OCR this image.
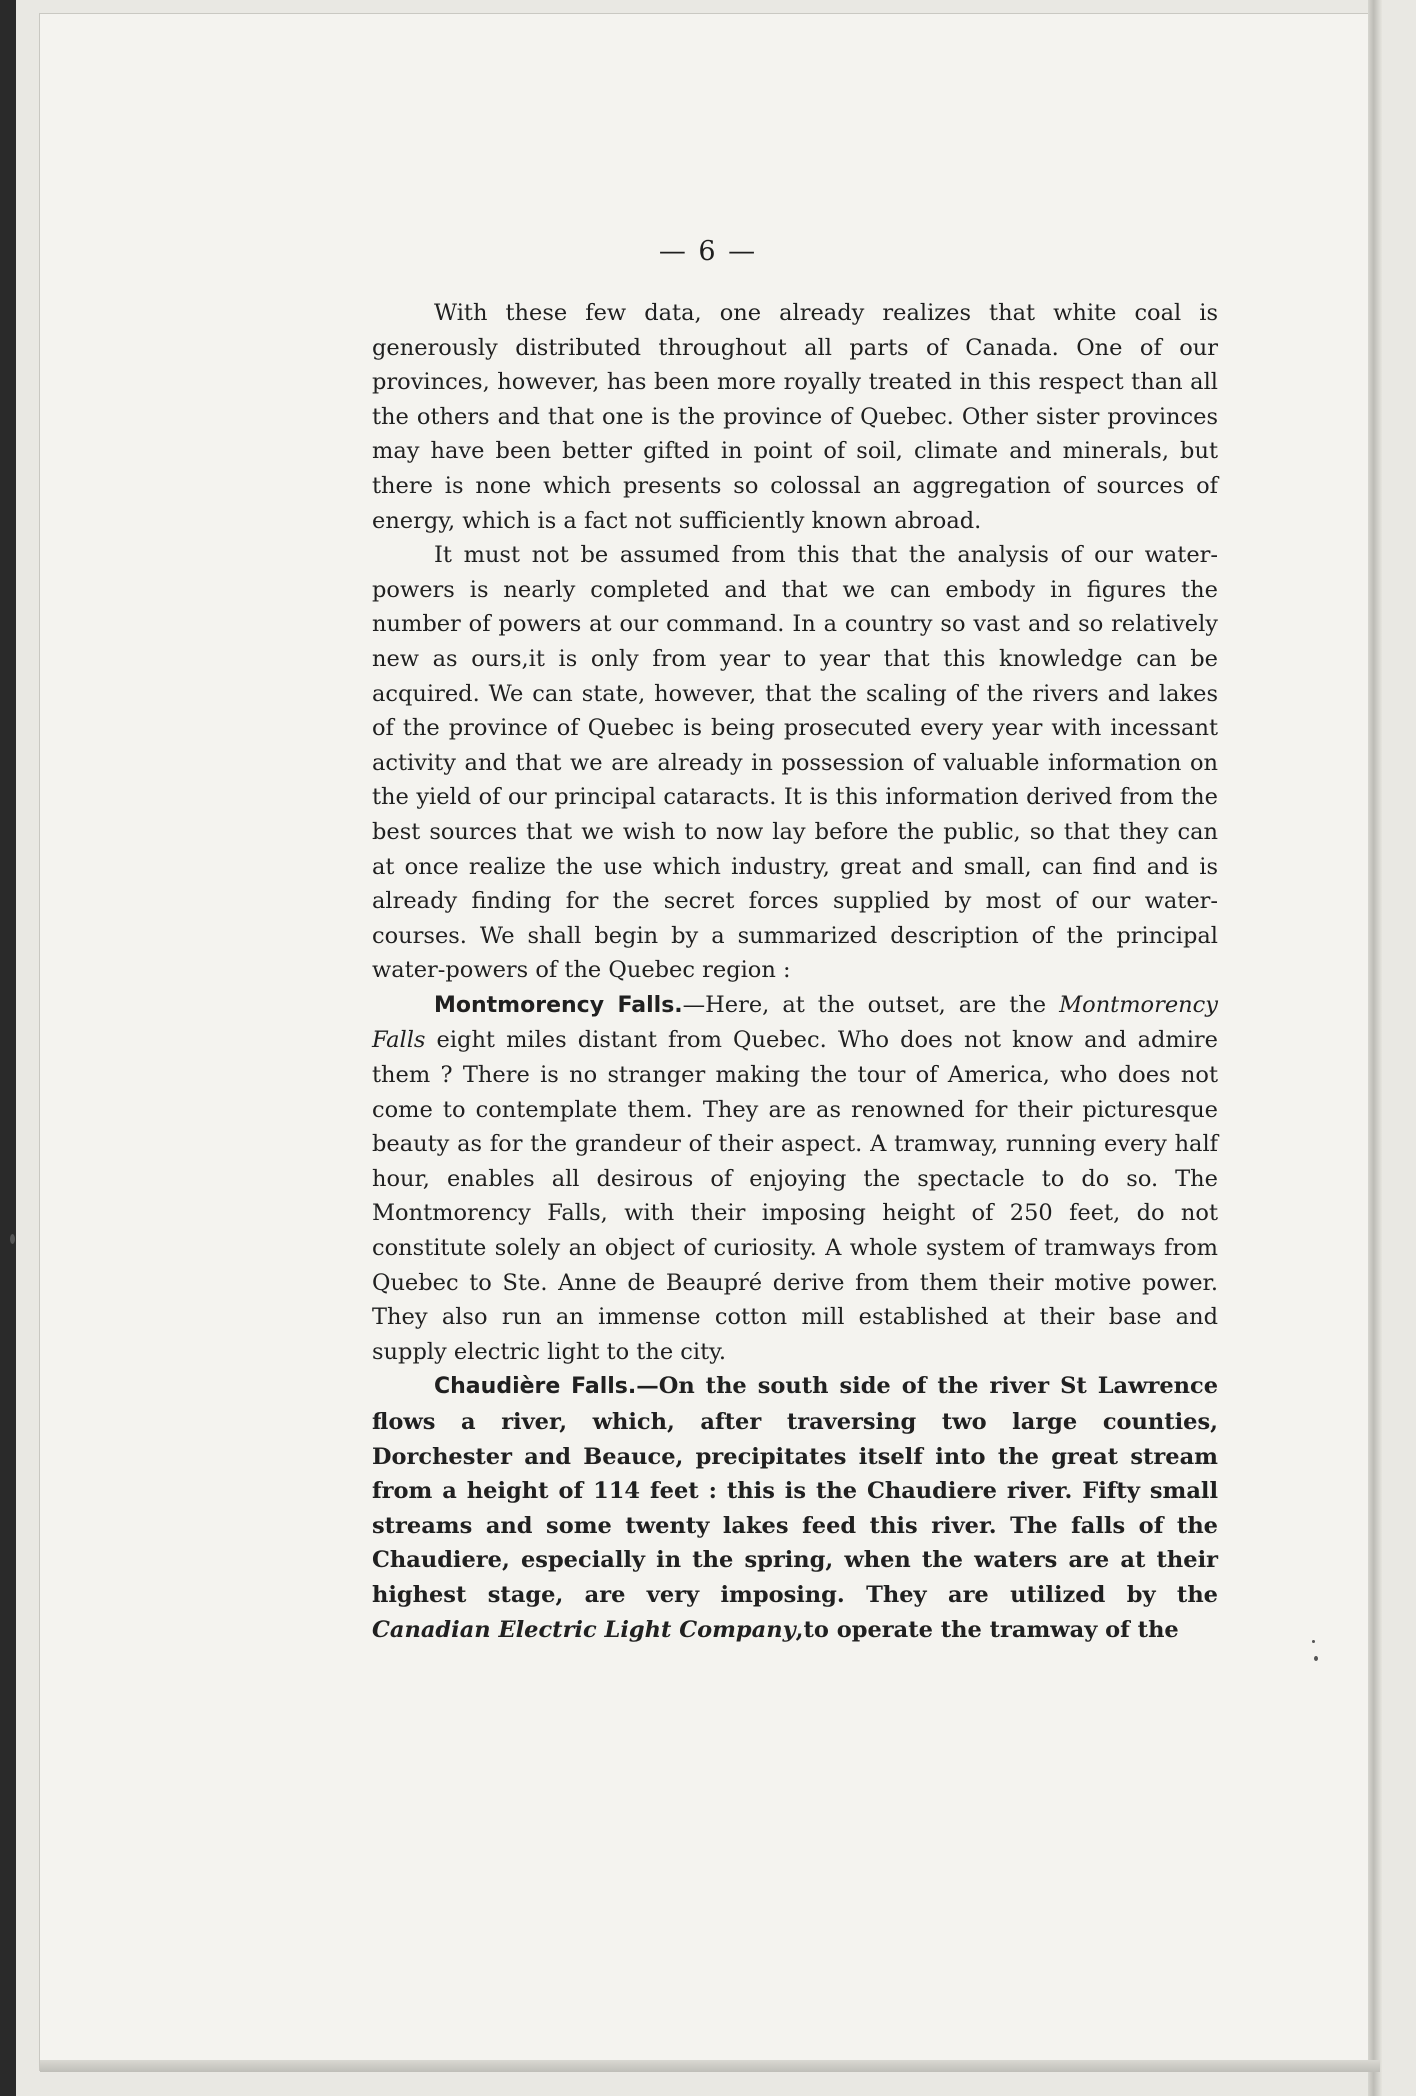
— 6 —

With these few data, one already realizes that white coal is generously distributed throughout all parts of Canada. One of our provinces, however, has been more royally treated in this respect than all the others and that one is the province of Quebec. Other sister provinces may have been better gifted in point of soil, climate and minerals, but there is none which presents so colossal an aggregation of sources of energy, which is a fact not sufficiently known abroad.

It must not be assumed from this that the analysis of our water-powers is nearly completed and that we can embody in figures the number of powers at our command. In a country so vast and so relatively new as ours,it is only from year to year that this knowledge can be acquired. We can state, however, that the scaling of the rivers and lakes of the province of Quebec is being prosecuted every year with incessant activity and that we are already in possession of valuable information on the yield of our principal cataracts. It is this information derived from the best sources that we wish to now lay before the public, so that they can at once realize the use which industry, great and small, can find and is already finding for the secret forces supplied by most of our water- courses. We shall begin by a summarized description of the principal water-powers of the Quebec region :

Montmorency Falls.—Here, at the outset, are the Montmorency Falls eight miles distant from Quebec. Who does not know and admire them ? There is no stranger making the tour of America, who does not come to contemplate them. They are as renowned for their picturesque beauty as for the grandeur of their aspect. A tramway, running every half hour, enables all desirous of enjoying the spectacle to do so. The Montmorency Falls, with their imposing height of 250 feet, do not constitute solely an object of curiosity. A whole system of tramways from Quebec to Ste. Anne de Beaupré derive from them their motive power. They also run an immense cotton mill established at their base and supply electric light to the city.

Chaudière Falls.—On the south side of the river St Lawrence flows a river, which, after traversing two large counties, Dorchester and Beauce, precipitates itself into the great stream from a height of 114 feet : this is the Chaudiere river. Fifty small streams and some twenty lakes feed this river. The falls of the Chaudiere, especially in the spring, when the waters are at their highest stage, are very imposing. They are utilized by the Canadian Electric Light Company,to operate the tramway of the
